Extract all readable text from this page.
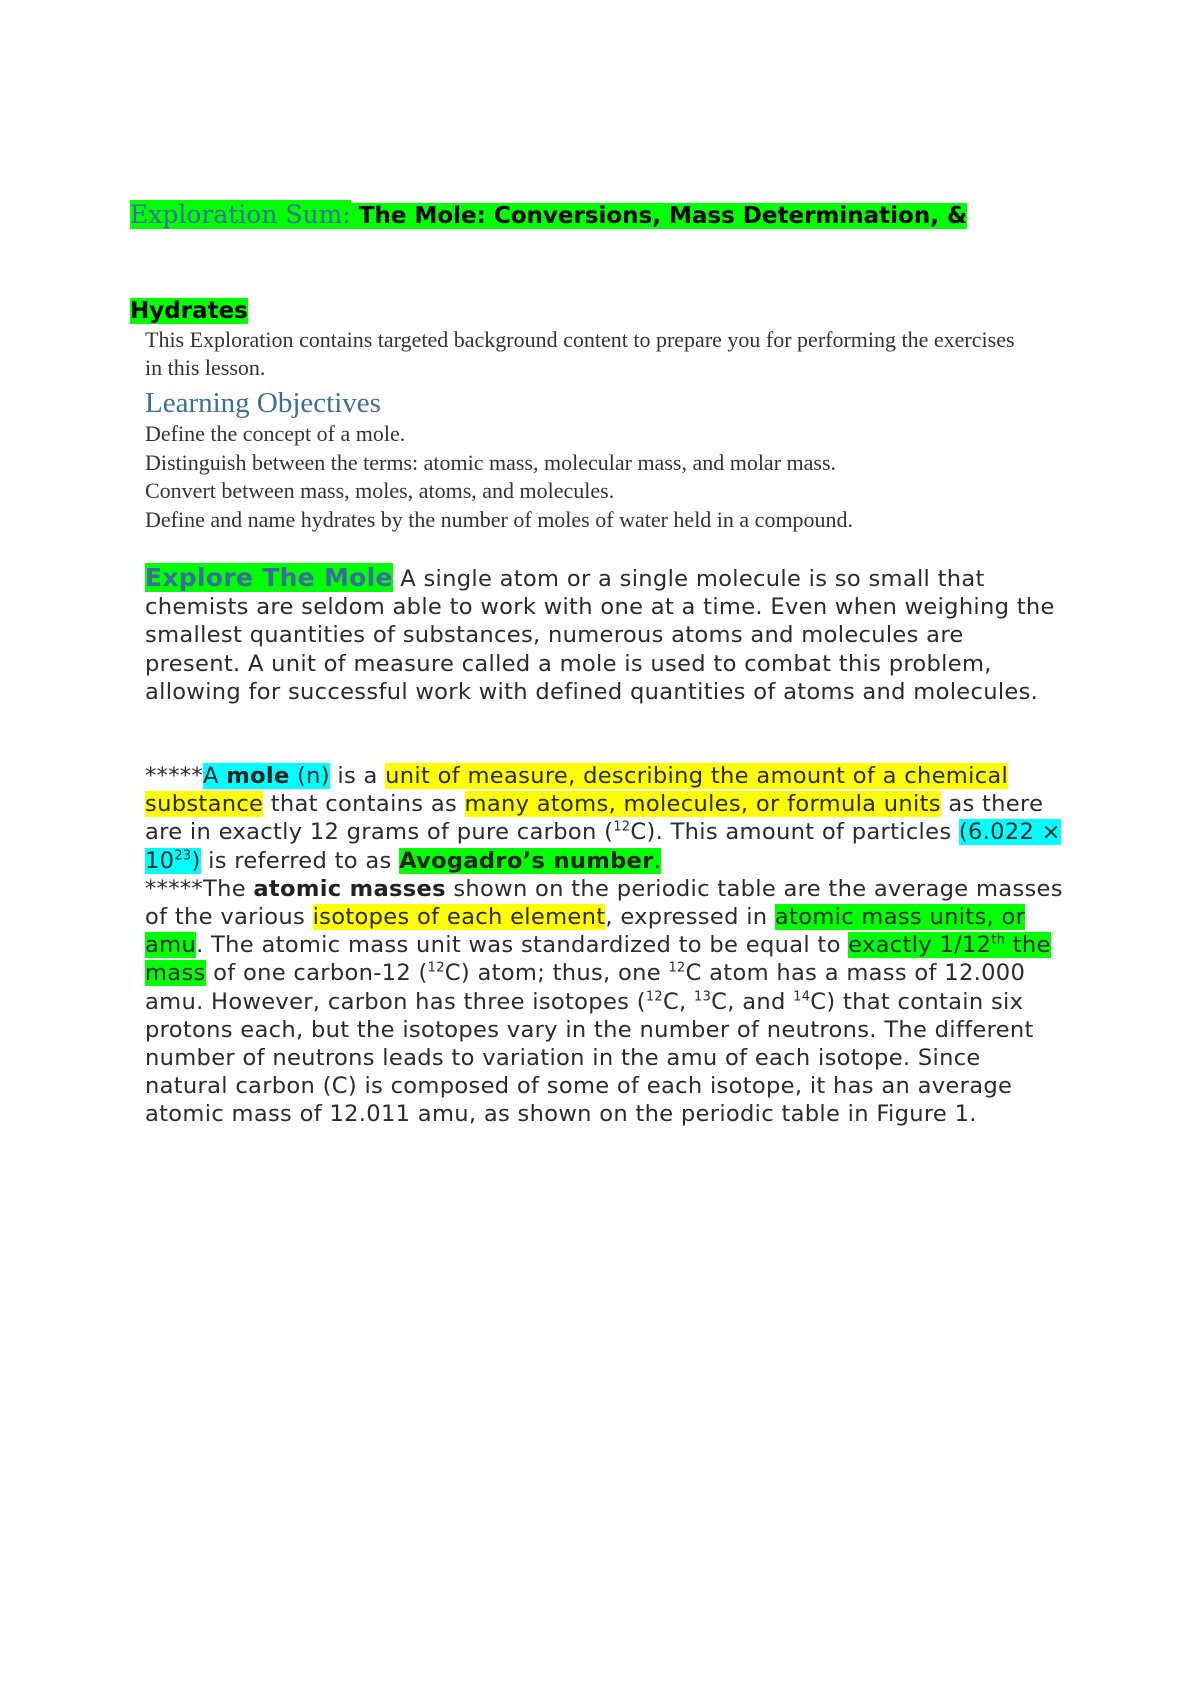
Exploration Sum: The Mole: Conversions, Mass Determination, &
Hydrates
This Exploration contains targeted background content to prepare you for performing the exercises in this lesson.
Learning Objectives
Define the concept of a mole.
Distinguish between the terms: atomic mass, molecular mass, and molar mass.
Convert between mass, moles, atoms, and molecules.
Define and name hydrates by the number of moles of water held in a compound.
Explore The Mole A single atom or a single molecule is so small that chemists are seldom able to work with one at a time. Even when weighing the smallest quantities of substances, numerous atoms and molecules are present. A unit of measure called a mole is used to combat this problem, allowing for successful work with defined quantities of atoms and molecules.
*****A mole (n) is a unit of measure, describing the amount of a chemical substance that contains as many atoms, molecules, or formula units as there are in exactly 12 grams of pure carbon ($^{12}$C). This amount of particles $(6.022 \times 10^{23})$ is referred to as Avogadro’s number.
*****The atomic masses shown on the periodic table are the average masses of the various isotopes of each element, expressed in atomic mass units, or amu. The atomic mass unit was standardized to be equal to exactly 1/12th the mass of one carbon-12 ($^{12}$C) atom; thus, one $^{12}$C atom has a mass of 12.000 amu. However, carbon has three isotopes ($^{12}$C, $^{13}$C, and $^{14}$C) that contain six protons each, but the isotopes vary in the number of neutrons. The different number of neutrons leads to variation in the amu of each isotope. Since natural carbon (C) is composed of some of each isotope, it has an average atomic mass of 12.011 amu, as shown on the periodic table in Figure 1.
